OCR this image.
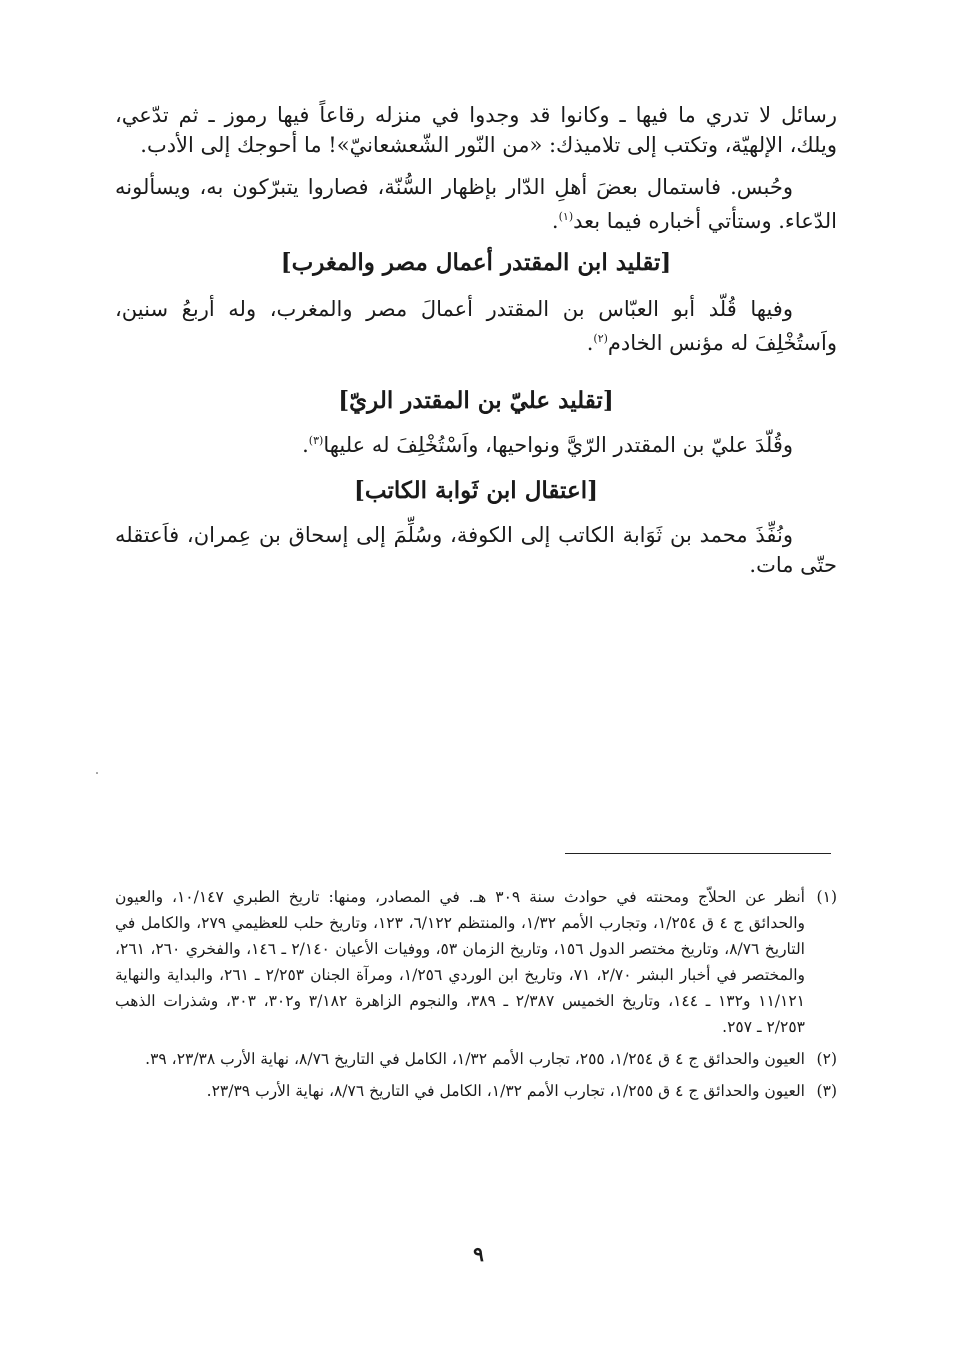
رسائل لا تدري ما فيها ـ وكانوا قد وجدوا في منزله رقاعاً فيها رموز ـ ثم تدّعي، ويلك، الإلهيّة، وتكتب إلى تلاميذك: «من النّور الشّعشعانيّ»! ما أحوجك إلى الأدب.

وحُبس. فاستمال بعضَ أهلِ الدّار بإظهار السُّنّة، فصاروا يتبرّكون به، ويسألونه الدّعاء. وستأتي أخباره فيما بعد$^{(١)}$.

[تقليد ابن المقتدر أعمال مصر والمغرب]

وفيها قُلّد أبو العبّاس بن المقتدر أعمالَ مصر والمغرب، وله أربعُ سنين، واَستُخْلِفَ له مؤنس الخادم$^{(٢)}$.

[تقليد عليّ بن المقتدر الريّ]

وقُلّدَ عليّ بن المقتدر الرّيَّ ونواحيها، واَسْتُخْلِفَ له عليها$^{(٣)}$.

[اعتقال ابن ثَوابة الكاتب]

ونُفِّذَ محمد بن ثَوَابة الكاتب إلى الكوفة، وسُلِّمَ إلى إسحاق بن عِمران، فاَعتقله حتّى مات.

(١)
أنظر عن الحلاّج ومحنته في حوادث سنة ٣٠٩ هـ. في المصادر، ومنها: تاريخ الطبري ١٠/١٤٧، والعيون والحدائق ج ٤ ق ١/٢٥٤، وتجارب الأمم ١/٣٢، والمنتظم ٦/١٢٢، ١٢٣، وتاريخ حلب للعظيمي ٢٧٩، والكامل في التاريخ ٨/٧٦، وتاريخ مختصر الدول ١٥٦، وتاريخ الزمان ٥٣، ووفيات الأعيان ٢/١٤٠ ـ ١٤٦، والفخري ٢٦٠، ٢٦١، والمختصر في أخبار البشر ٢/٧٠، ٧١، وتاريخ ابن الوردي ١/٢٥٦، ومرآة الجنان ٢/٢٥٣ ـ ٢٦١، والبداية والنهاية ١١/١٢١ و١٣٢ ـ ١٤٤، وتاريخ الخميس ٢/٣٨٧ ـ ٣٨٩، والنجوم الزاهرة ٣/١٨٢ و٣٠٢، ٣٠٣، وشذرات الذهب ٢/٢٥٣ ـ ٢٥٧.
(٢)
العيون والحدائق ج ٤ ق ١/٢٥٤، ٢٥٥، تجارب الأمم ١/٣٢، الكامل في التاريخ ٨/٧٦، نهاية الأرب ٢٣/٣٨، ٣٩.
(٣)
العيون والحدائق ج ٤ ق ١/٢٥٥، تجارب الأمم ١/٣٢، الكامل في التاريخ ٨/٧٦، نهاية الأرب ٢٣/٣٩.
٩
